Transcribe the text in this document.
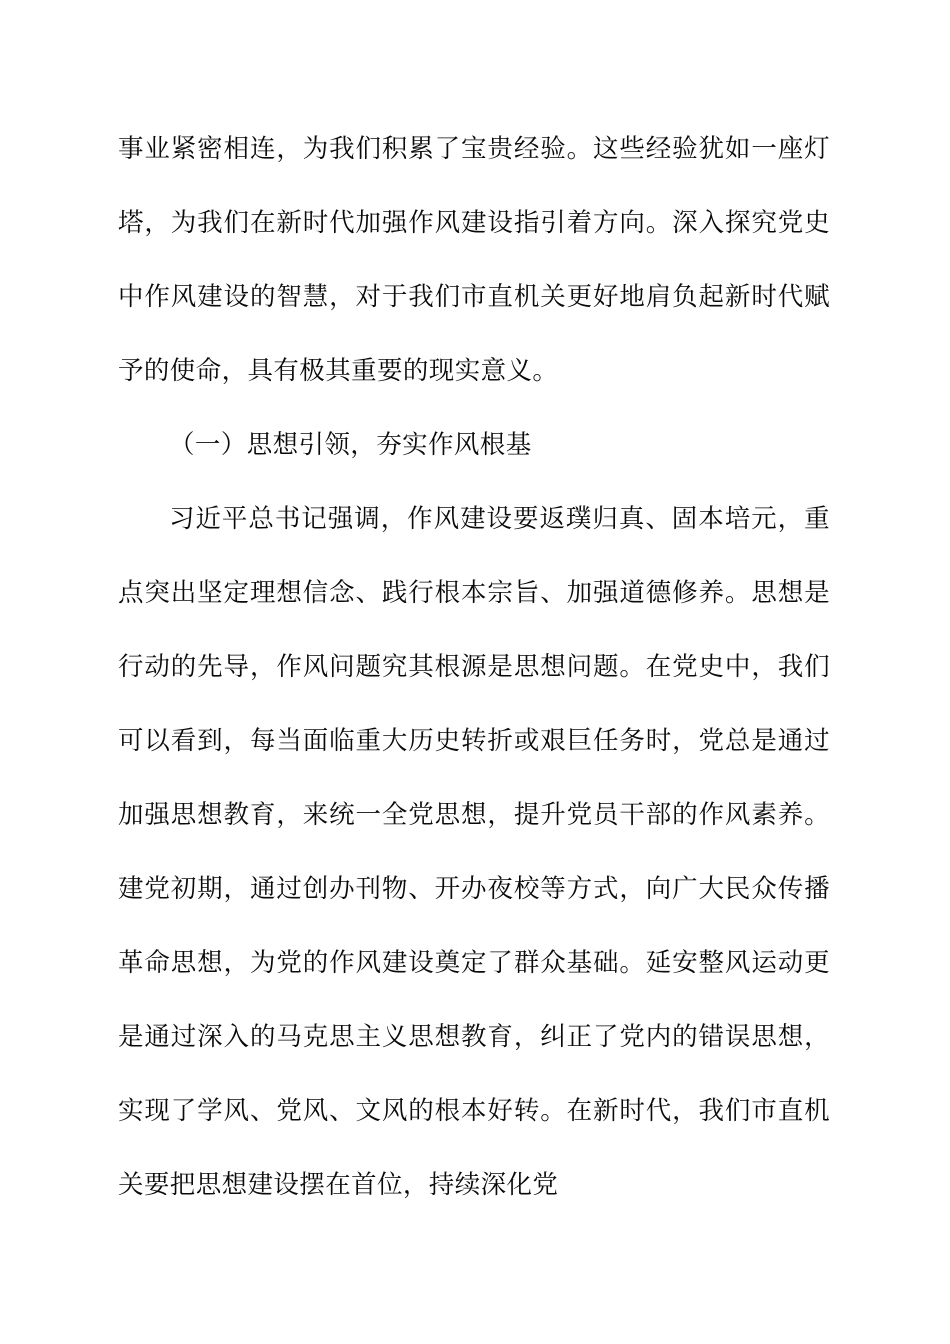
事业紧密相连，为我们积累了宝贵经验。这些经验犹如一座灯塔，为我们在新时代加强作风建设指引着方向。深入探究党史中作风建设的智慧，对于我们市直机关更好地肩负起新时代赋予的使命，具有极其重要的现实意义。

（一）思想引领，夯实作风根基

习近平总书记强调，作风建设要返璞归真、固本培元，重点突出坚定理想信念、践行根本宗旨、加强道德修养。思想是行动的先导，作风问题究其根源是思想问题。在党史中，我们可以看到，每当面临重大历史转折或艰巨任务时，党总是通过加强思想教育，来统一全党思想，提升党员干部的作风素养。建党初期，通过创办刊物、开办夜校等方式，向广大民众传播革命思想，为党的作风建设奠定了群众基础。延安整风运动更是通过深入的马克思主义思想教育，纠正了党内的错误思想，实现了学风、党风、文风的根本好转。在新时代，我们市直机关要把思想建设摆在首位，持续深化党
